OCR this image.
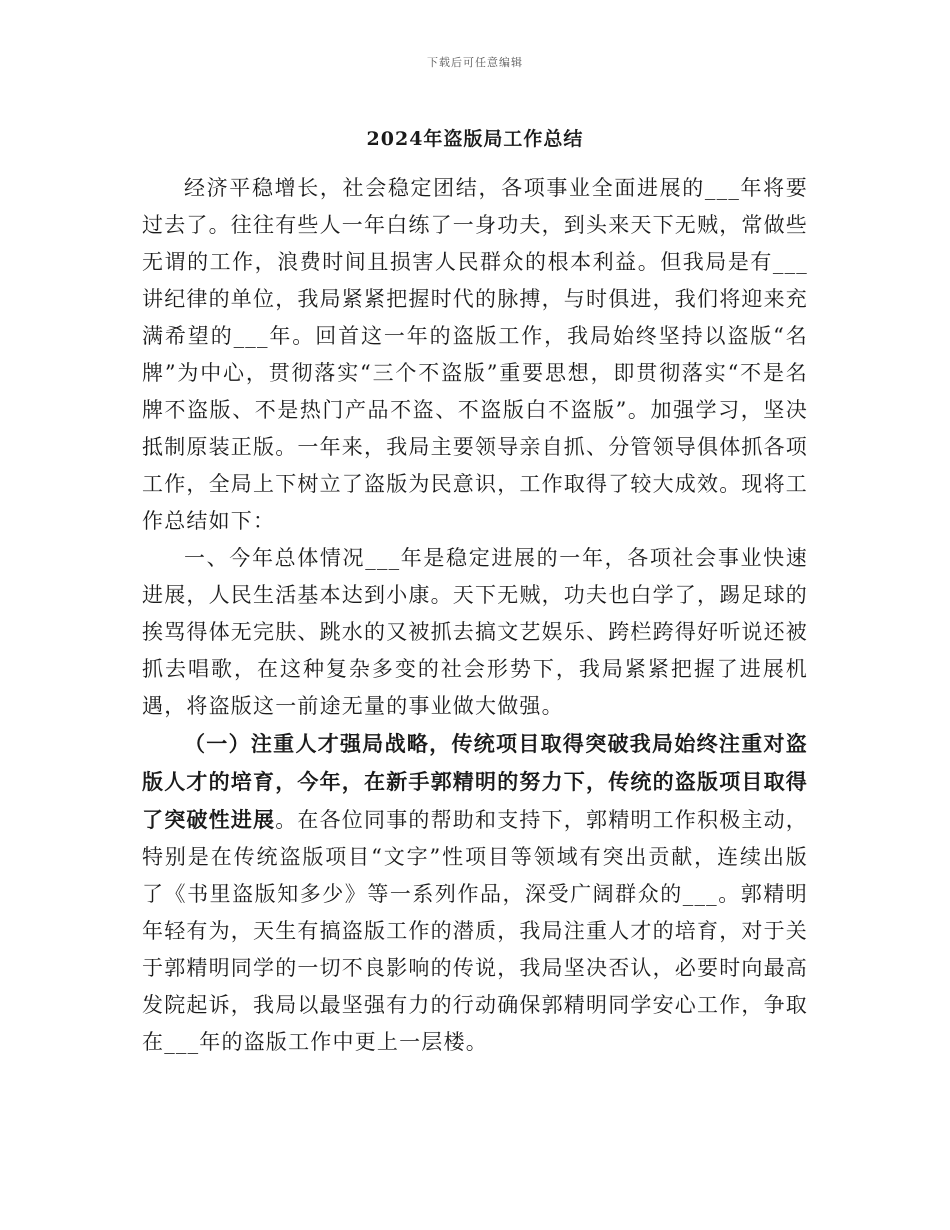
下载后可任意编辑
2024年盗版局工作总结

经济平稳增长，社会稳定团结，各项事业全面进展的___年将要过去了。往往有些人一年白练了一身功夫，到头来天下无贼，常做些无谓的工作，浪费时间且损害人民群众的根本利益。但我局是有___讲纪律的单位，我局紧紧把握时代的脉搏，与时俱进，我们将迎来充满希望的___年。回首这一年的盗版工作，我局始终坚持以盗版“名牌”为中心，贯彻落实“三个不盗版”重要思想，即贯彻落实“不是名牌不盗版、不是热门产品不盗、不盗版白不盗版”。加强学习，坚决抵制原装正版。一年来，我局主要领导亲自抓、分管领导俱体抓各项工作，全局上下树立了盗版为民意识，工作取得了较大成效。现将工作总结如下：

一、今年总体情况___年是稳定进展的一年，各项社会事业快速进展，人民生活基本达到小康。天下无贼，功夫也白学了，踢足球的挨骂得体无完肤、跳水的又被抓去搞文艺娱乐、跨栏跨得好听说还被抓去唱歌，在这种复杂多变的社会形势下，我局紧紧把握了进展机遇，将盗版这一前途无量的事业做大做强。

（一）注重人才强局战略，传统项目取得突破我局始终注重对盗版人才的培育，今年，在新手郭精明的努力下，传统的盗版项目取得了突破性进展。在各位同事的帮助和支持下，郭精明工作积极主动，特别是在传统盗版项目“文字”性项目等领域有突出贡献，连续出版了《书里盗版知多少》等一系列作品，深受广阔群众的___。郭精明年轻有为，天生有搞盗版工作的潜质，我局注重人才的培育，对于关于郭精明同学的一切不良影响的传说，我局坚决否认，必要时向最高发院起诉，我局以最坚强有力的行动确保郭精明同学安心工作，争取在___年的盗版工作中更上一层楼。
